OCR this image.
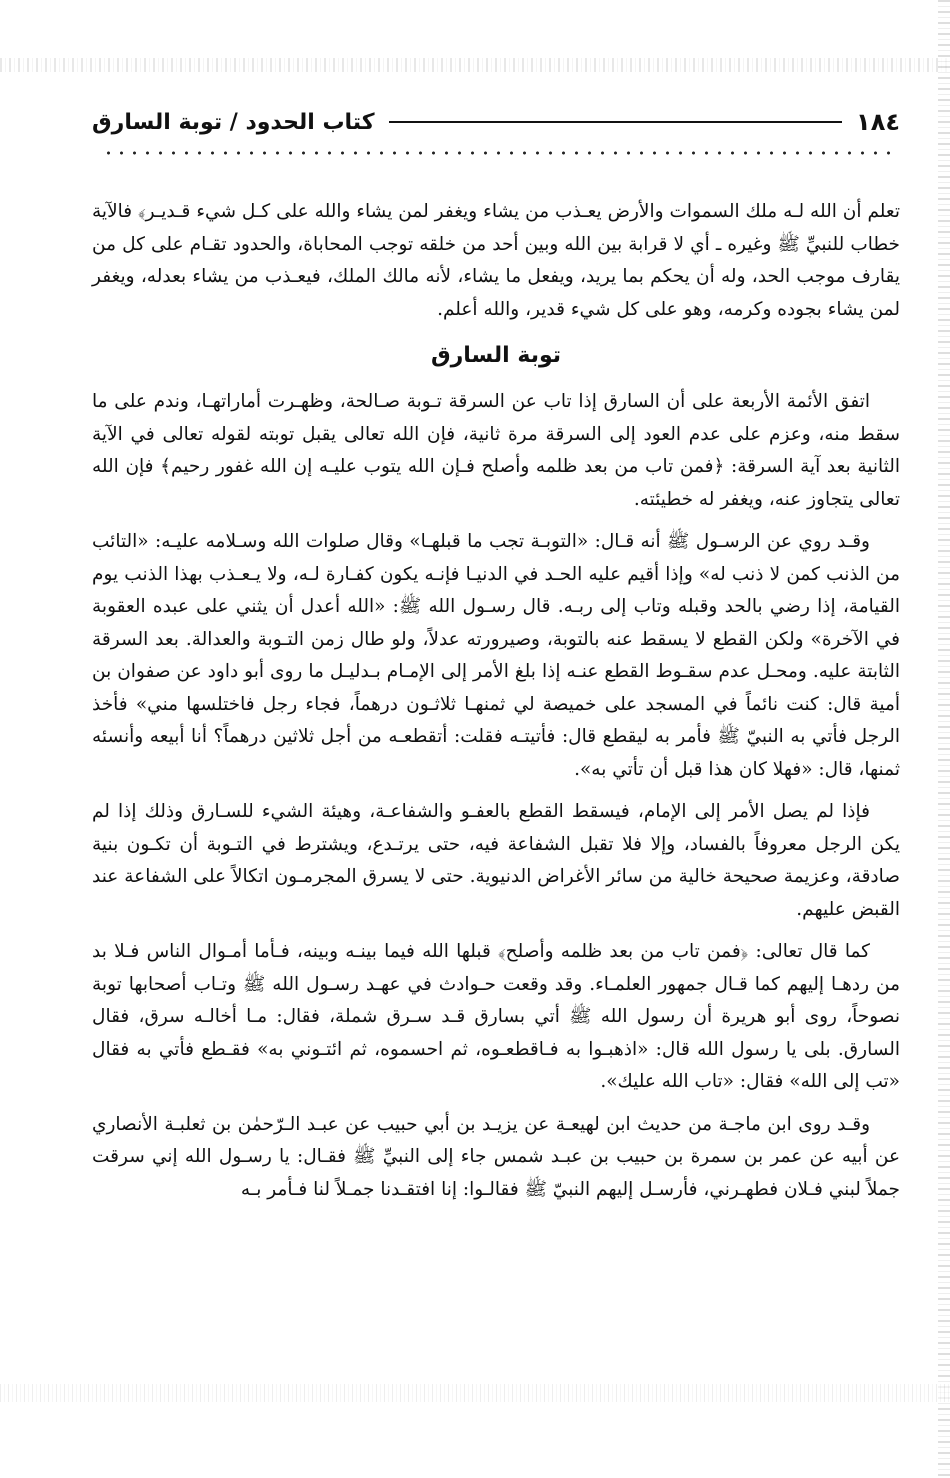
١٨٤
كتاب الحدود / توبة السارق

تعلم أن الله لـه ملك السموات والأرض يعـذب من يشاء ويغفر لمن يشاء والله على كـل شيء قـديـر﴾ فالآية خطاب للنبيِّ ﷺ وغيره ـ أي لا قرابة بين الله وبين أحد من خلقه توجب المحاباة، والحدود تقـام على كل من يقارف موجب الحد، وله أن يحكم بما يريد، ويفعل ما يشاء، لأنه مالك الملك، فيعـذب من يشاء بعدله، ويغفر لمن يشاء بجوده وكرمه، وهو على كل شيء قدير، والله أعلم.

توبة السارق

اتفق الأئمة الأربعة على أن السارق إذا تاب عن السرقة تـوبة صـالحة، وظهـرت أماراتهـا، وندم على ما سقط منه، وعزم على عدم العود إلى السرقة مرة ثانية، فإن الله تعالى يقبل توبته لقوله تعالى في الآية الثانية بعد آية السرقة: ﴿فمن تاب من بعد ظلمه وأصلح فـإن الله يتوب عليـه إن الله غفور رحيم﴾ فإن الله تعالى يتجاوز عنه، ويغفر له خطيئته.

وقـد روي عن الرسـول ﷺ أنه قـال: «التوبـة تجب ما قبلهـا» وقال صلوات الله وسـلامه عليـه: «التائب من الذنب كمن لا ذنب له» وإذا أقيم عليه الحـد في الدنيـا فإنـه يكون كفـارة لـه، ولا يـعـذب بهذا الذنب يوم القيامة، إذا رضي بالحد وقبله وتاب إلى ربـه. قال رسـول الله ﷺ: «الله أعدل أن يثني على عبده العقوبة في الآخرة» ولكن القطع لا يسقط عنه بالتوبة، وصيرورته عدلاً، ولو طال زمن التـوبة والعدالة. بعد السرقة الثابتة عليه. ومحـل عدم سقـوط القطع عنـه إذا بلغ الأمر إلى الإمـام بـدليـل ما روى أبو داود عن صفوان بن أمية قال: كنت نائماً في المسجد على خميصة لي ثمنهـا ثلاثـون درهماً، فجاء رجل فاختلسها مني» فأخذ الرجل فأتي به النبيّ ﷺ فأمر به ليقطع قال: فأتيتـه فقلت: أتقطعـه من أجل ثلاثين درهماً؟ أنا أبيعه وأنسئه ثمنها، قال: «فهلا كان هذا قبل أن تأتي به».

فإذا لم يصل الأمر إلى الإمام، فيسقط القطع بالعفـو والشفاعـة، وهيئة الشيء للسـارق وذلك إذا لم يكن الرجل معروفاً بالفساد، وإلا فلا تقبل الشفاعة فيه، حتى يرتـدع، ويشترط في التـوبة أن تكـون بنية صادقة، وعزيمة صحيحة خالية من سائر الأغراض الدنيوية. حتى لا يسرق المجرمـون اتكالاً على الشفاعة عند القبض عليهم.

كما قال تعالى: ﴿فمن تاب من بعد ظلمه وأصلح﴾ قبلها الله فيما بينـه وبينه، فـأما أمـوال الناس فـلا بد من ردهـا إليهم كما قـال جمهور العلمـاء. وقد وقعت حـوادث في عهـد رسـول الله ﷺ وتـاب أصحابها توبة نصوحاً، روى أبو هريرة أن رسول الله ﷺ أتي بسارق قـد سـرق شملة، فقال: مـا أخالـه سرق، فقال السارق. بلى يا رسول الله قال: «اذهبـوا به فـاقطعـوه، ثم احسموه، ثم ائتـوني به» فقـطع فأتي به فقال «تب إلى الله» فقال: «تاب الله عليك».

وقـد روى ابن ماجـة من حديث ابن لهيعـة عن يزيـد بن أبي حبيب عن عبـد الـرّحمٰن بن ثعلبـة الأنصاري عن أبيه عن عمر بن سمرة بن حبيب بن عبـد شمس جاء إلى النبيِّ ﷺ فقـال: يا رسـول الله إني سرقت جملاً لبني فـلان فطهـرني، فأرسـل إليهم النبيّ ﷺ فقالـوا: إنا افتقـدنا جمـلاً لنا فـأمر بـه
